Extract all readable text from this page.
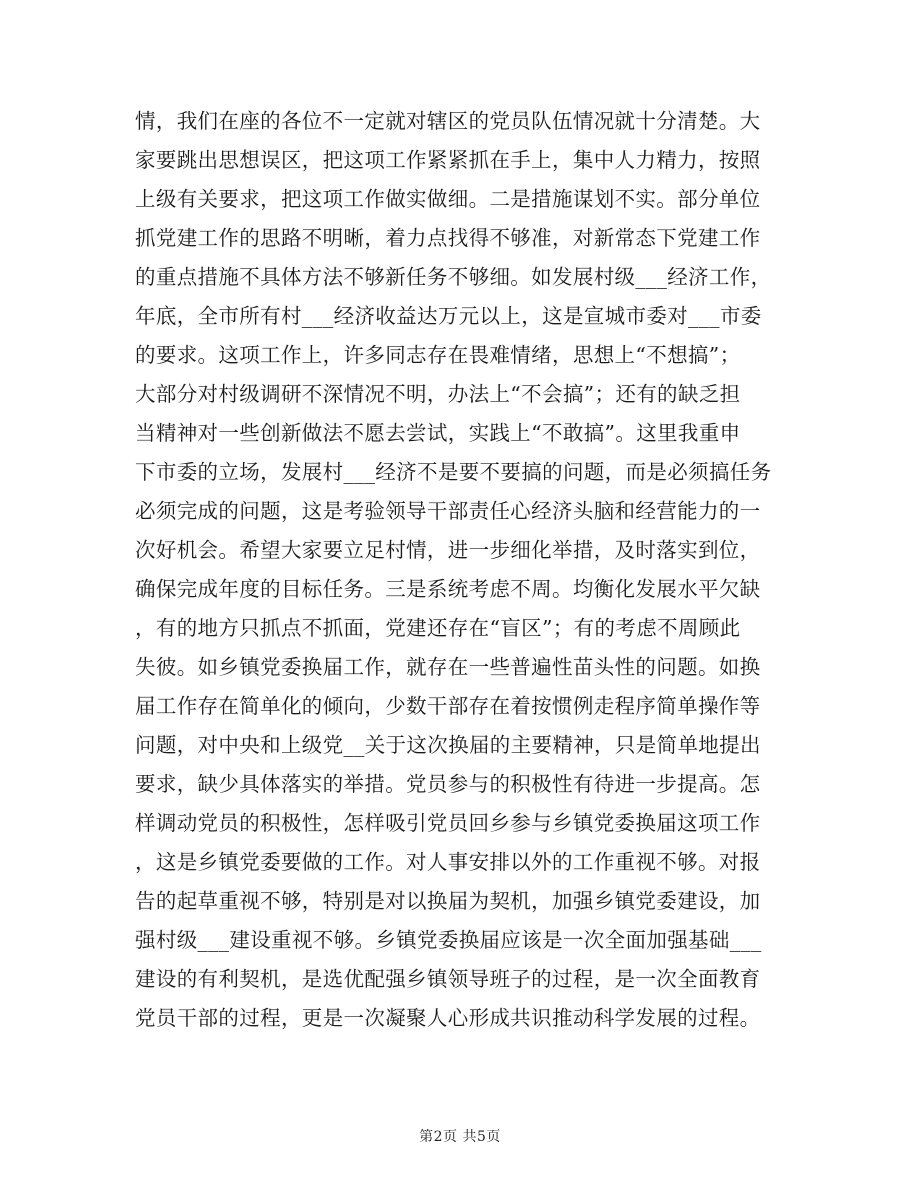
情，我们在座的各位不一定就对辖区的党员队伍情况就十分清楚。大
家要跳出思想误区，把这项工作紧紧抓在手上，集中人力精力，按照
上级有关要求，把这项工作做实做细。二是措施谋划不实。部分单位
抓党建工作的思路不明晰，着力点找得不够准，对新常态下党建工作
的重点措施不具体方法不够新任务不够细。如发展村级___经济工作，
年底，全市所有村___经济收益达万元以上，这是宣城市委对___市委
的要求。这项工作上，许多同志存在畏难情绪，思想上“不想搞”；
大部分对村级调研不深情况不明，办法上“不会搞”；还有的缺乏担
当精神对一些创新做法不愿去尝试，实践上“不敢搞”。这里我重申
下市委的立场，发展村___经济不是要不要搞的问题，而是必须搞任务
必须完成的问题，这是考验领导干部责任心经济头脑和经营能力的一
次好机会。希望大家要立足村情，进一步细化举措，及时落实到位，
确保完成年度的目标任务。三是系统考虑不周。均衡化发展水平欠缺
，有的地方只抓点不抓面，党建还存在“盲区”；有的考虑不周顾此
失彼。如乡镇党委换届工作，就存在一些普遍性苗头性的问题。如换
届工作存在简单化的倾向，少数干部存在着按惯例走程序简单操作等
问题，对中央和上级党__关于这次换届的主要精神，只是简单地提出
要求，缺少具体落实的举措。党员参与的积极性有待进一步提高。怎
样调动党员的积极性，怎样吸引党员回乡参与乡镇党委换届这项工作
，这是乡镇党委要做的工作。对人事安排以外的工作重视不够。对报
告的起草重视不够，特别是对以换届为契机，加强乡镇党委建设，加
强村级___建设重视不够。乡镇党委换届应该是一次全面加强基础___
建设的有利契机，是选优配强乡镇领导班子的过程，是一次全面教育
党员干部的过程，更是一次凝聚人心形成共识推动科学发展的过程。
第2页 共5页
